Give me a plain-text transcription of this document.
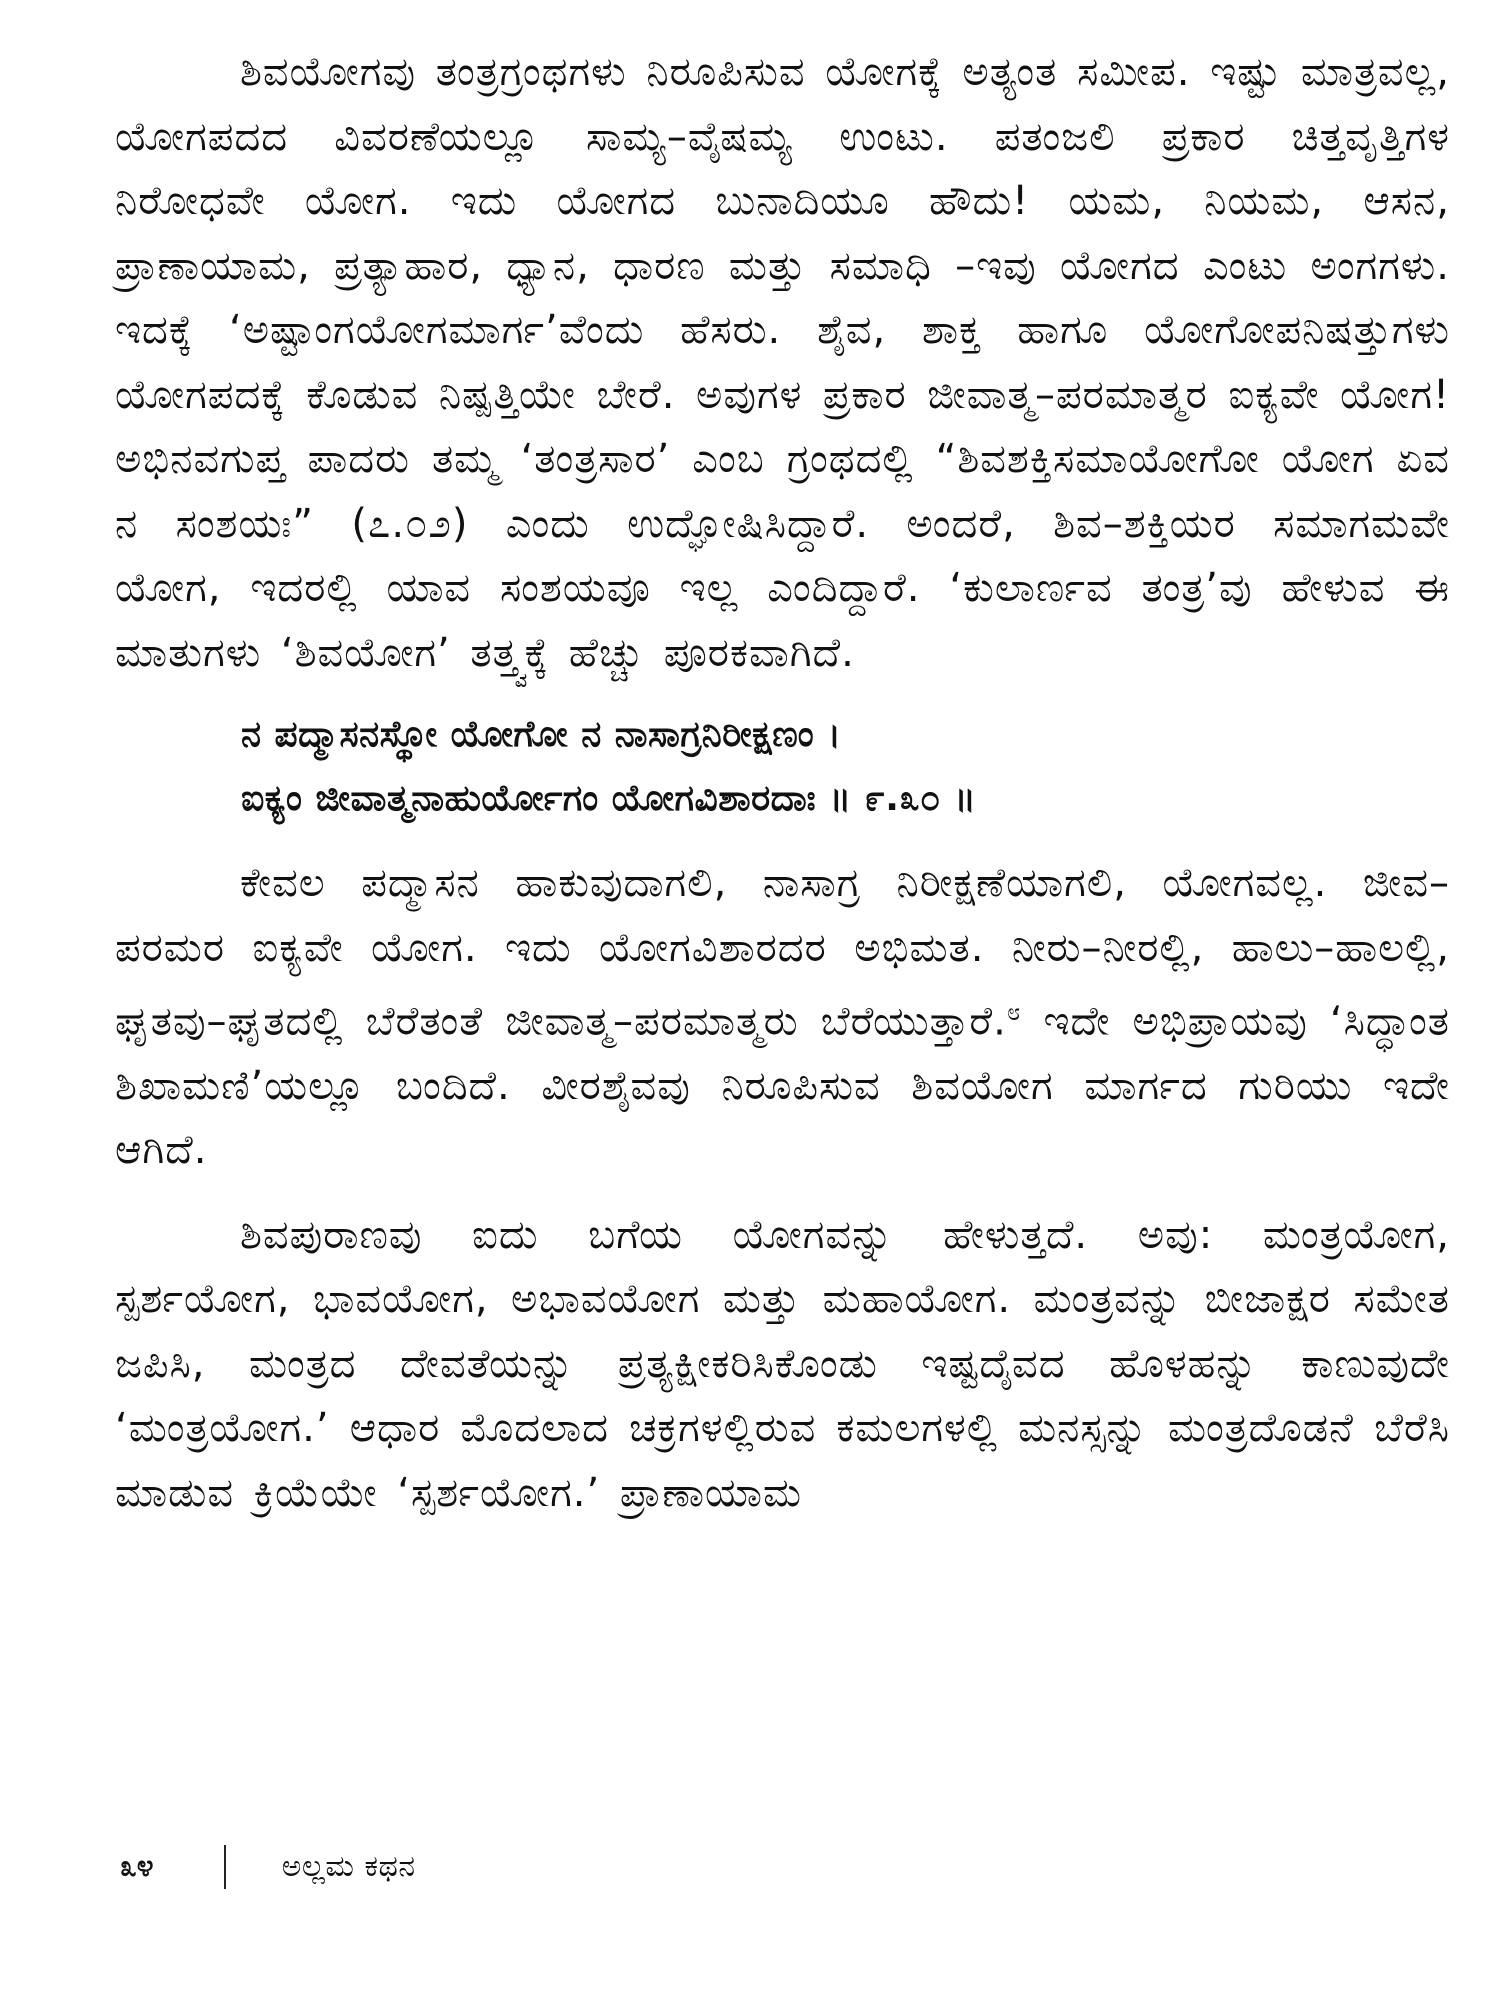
ಶಿವಯೋಗವು ತಂತ್ರಗ್ರಂಥಗಳು ನಿರೂಪಿಸುವ ಯೋಗಕ್ಕೆ ಅತ್ಯಂತ ಸಮೀಪ. ಇಷ್ಟು ಮಾತ್ರವಲ್ಲ, ಯೋಗಪದದ ವಿವರಣೆಯಲ್ಲೂ ಸಾಮ್ಯ–ವೈಷಮ್ಯ ಉಂಟು. ಪತಂಜಲಿ ಪ್ರಕಾರ ಚಿತ್ತವೃತ್ತಿಗಳ ನಿರೋಧವೇ ಯೋಗ. ಇದು ಯೋಗದ ಬುನಾದಿಯೂ ಹೌದು! ಯಮ, ನಿಯಮ, ಆಸನ, ಪ್ರಾಣಾಯಾಮ, ಪ್ರತ್ಯಾಹಾರ, ಧ್ಯಾನ, ಧಾರಣ ಮತ್ತು ಸಮಾಧಿ –ಇವು ಯೋಗದ ಎಂಟು ಅಂಗಗಳು. ಇದಕ್ಕೆ ‘ಅಷ್ಟಾಂಗಯೋಗಮಾರ್ಗ’ವೆಂದು ಹೆಸರು. ಶೈವ, ಶಾಕ್ತ ಹಾಗೂ ಯೋಗೋಪನಿಷತ್ತುಗಳು ಯೋಗಪದಕ್ಕೆ ಕೊಡುವ ನಿಷ್ಪತ್ತಿಯೇ ಬೇರೆ. ಅವುಗಳ ಪ್ರಕಾರ ಜೀವಾತ್ಮ–ಪರಮಾತ್ಮರ ಐಕ್ಯವೇ ಯೋಗ! ಅಭಿನವಗುಪ್ತ ಪಾದರು ತಮ್ಮ ‘ತಂತ್ರಸಾರ’ ಎಂಬ ಗ್ರಂಥದಲ್ಲಿ “ಶಿವಶಕ್ತಿಸಮಾಯೋಗೋ ಯೋಗ ಏವ ನ ಸಂಶಯಃ” (೭.೦೨) ಎಂದು ಉದ್ಘೋಷಿಸಿದ್ದಾರೆ. ಅಂದರೆ, ಶಿವ–ಶಕ್ತಿಯರ ಸಮಾಗಮವೇ ಯೋಗ, ಇದರಲ್ಲಿ ಯಾವ ಸಂಶಯವೂ ಇಲ್ಲ ಎಂದಿದ್ದಾರೆ. ‘ಕುಲಾರ್ಣವ ತಂತ್ರ’ವು ಹೇಳುವ ಈ ಮಾತುಗಳು ‘ಶಿವಯೋಗ’ ತತ್ತ್ವಕ್ಕೆ ಹೆಚ್ಚು ಪೂರಕವಾಗಿದೆ.

ನ ಪದ್ಮಾಸನಸ್ಥೋ ಯೋಗೋ ನ ನಾಸಾಗ್ರನಿರೀಕ್ಷಣಂ ।
ಐಕ್ಯಂ ಜೀವಾತ್ಮನಾಹುರ್ಯೋಗಂ ಯೋಗವಿಶಾರದಾಃ ॥ ೯.೩೦ ॥

ಕೇವಲ ಪದ್ಮಾಸನ ಹಾಕುವುದಾಗಲಿ, ನಾಸಾಗ್ರ ನಿರೀಕ್ಷಣೆಯಾಗಲಿ, ಯೋಗವಲ್ಲ. ಜೀವ–ಪರಮರ ಐಕ್ಯವೇ ಯೋಗ. ಇದು ಯೋಗವಿಶಾರದರ ಅಭಿಮತ. ನೀರು–ನೀರಲ್ಲಿ, ಹಾಲು–ಹಾಲಲ್ಲಿ, ಘೃತವು–ಘೃತದಲ್ಲಿ ಬೆರೆತಂತೆ ಜೀವಾತ್ಮ–ಪರಮಾತ್ಮರು ಬೆರೆಯುತ್ತಾರೆ.$^೮$ ಇದೇ ಅಭಿಪ್ರಾಯವು ‘ಸಿದ್ಧಾಂತ ಶಿಖಾಮಣಿ’ಯಲ್ಲೂ ಬಂದಿದೆ. ವೀರಶೈವವು ನಿರೂಪಿಸುವ ಶಿವಯೋಗ ಮಾರ್ಗದ ಗುರಿಯು ಇದೇ ಆಗಿದೆ.

ಶಿವಪುರಾಣವು ಐದು ಬಗೆಯ ಯೋಗವನ್ನು ಹೇಳುತ್ತದೆ. ಅವು: ಮಂತ್ರಯೋಗ, ಸ್ಪರ್ಶಯೋಗ, ಭಾವಯೋಗ, ಅಭಾವಯೋಗ ಮತ್ತು ಮಹಾಯೋಗ. ಮಂತ್ರವನ್ನು ಬೀಜಾಕ್ಷರ ಸಮೇತ ಜಪಿಸಿ, ಮಂತ್ರದ ದೇವತೆಯನ್ನು ಪ್ರತ್ಯಕ್ಷೀಕರಿಸಿಕೊಂಡು ಇಷ್ಟದೈವದ ಹೊಳಹನ್ನು ಕಾಣುವುದೇ ‘ಮಂತ್ರಯೋಗ.’ ಆಧಾರ ಮೊದಲಾದ ಚಕ್ರಗಳಲ್ಲಿರುವ ಕಮಲಗಳಲ್ಲಿ ಮನಸ್ಸನ್ನು ಮಂತ್ರದೊಡನೆ ಬೆರೆಸಿ ಮಾಡುವ ಕ್ರಿಯೆಯೇ ‘ಸ್ಪರ್ಶಯೋಗ.’ ಪ್ರಾಣಾಯಾಮ

೩೪	ಅಲ್ಲಮ ಕಥನ
